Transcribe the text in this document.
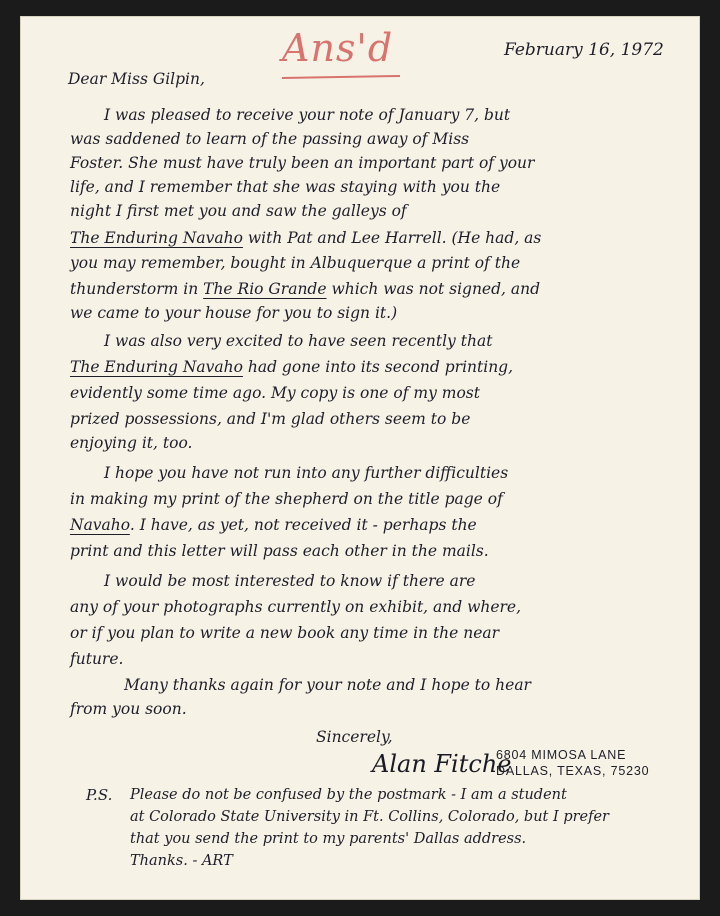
Ans'd	February 16, 1972
Dear Miss Gilpin,
I was pleased to receive your note of January 7, but
was saddened to learn of the passing away of Miss
Foster. She must have truly been an important part of your
life, and I remember that she was staying with you the
night I first met you and saw the galleys of
The Enduring Navaho with Pat and Lee Harrell. (He had, as
you may remember, bought in Albuquerque a print of the
thunderstorm in The Rio Grande which was not signed, and
we came to your house for you to sign it.)
I was also very excited to have seen recently that
The Enduring Navaho had gone into its second printing,
evidently some time ago. My copy is one of my most
prized possessions, and I'm glad others seem to be
enjoying it, too.
I hope you have not run into any further difficulties
in making my print of the shepherd on the title page of
Navaho. I have, as yet, not received it - perhaps the
print and this letter will pass each other in the mails.
I would be most interested to know if there are
any of your photographs currently on exhibit, and where,
or if you plan to write a new book any time in the near
future.
Many thanks again for your note and I hope to hear
from you soon.
Sincerely,
Alan Fitche
6804 MIMOSA LANE
DALLAS, TEXAS, 75230
P.S. Please do not be confused by the postmark - I am a student
at Colorado State University in Ft. Collins, Colorado, but I prefer
that you send the print to my parents' Dallas address.
Thanks. - ART
